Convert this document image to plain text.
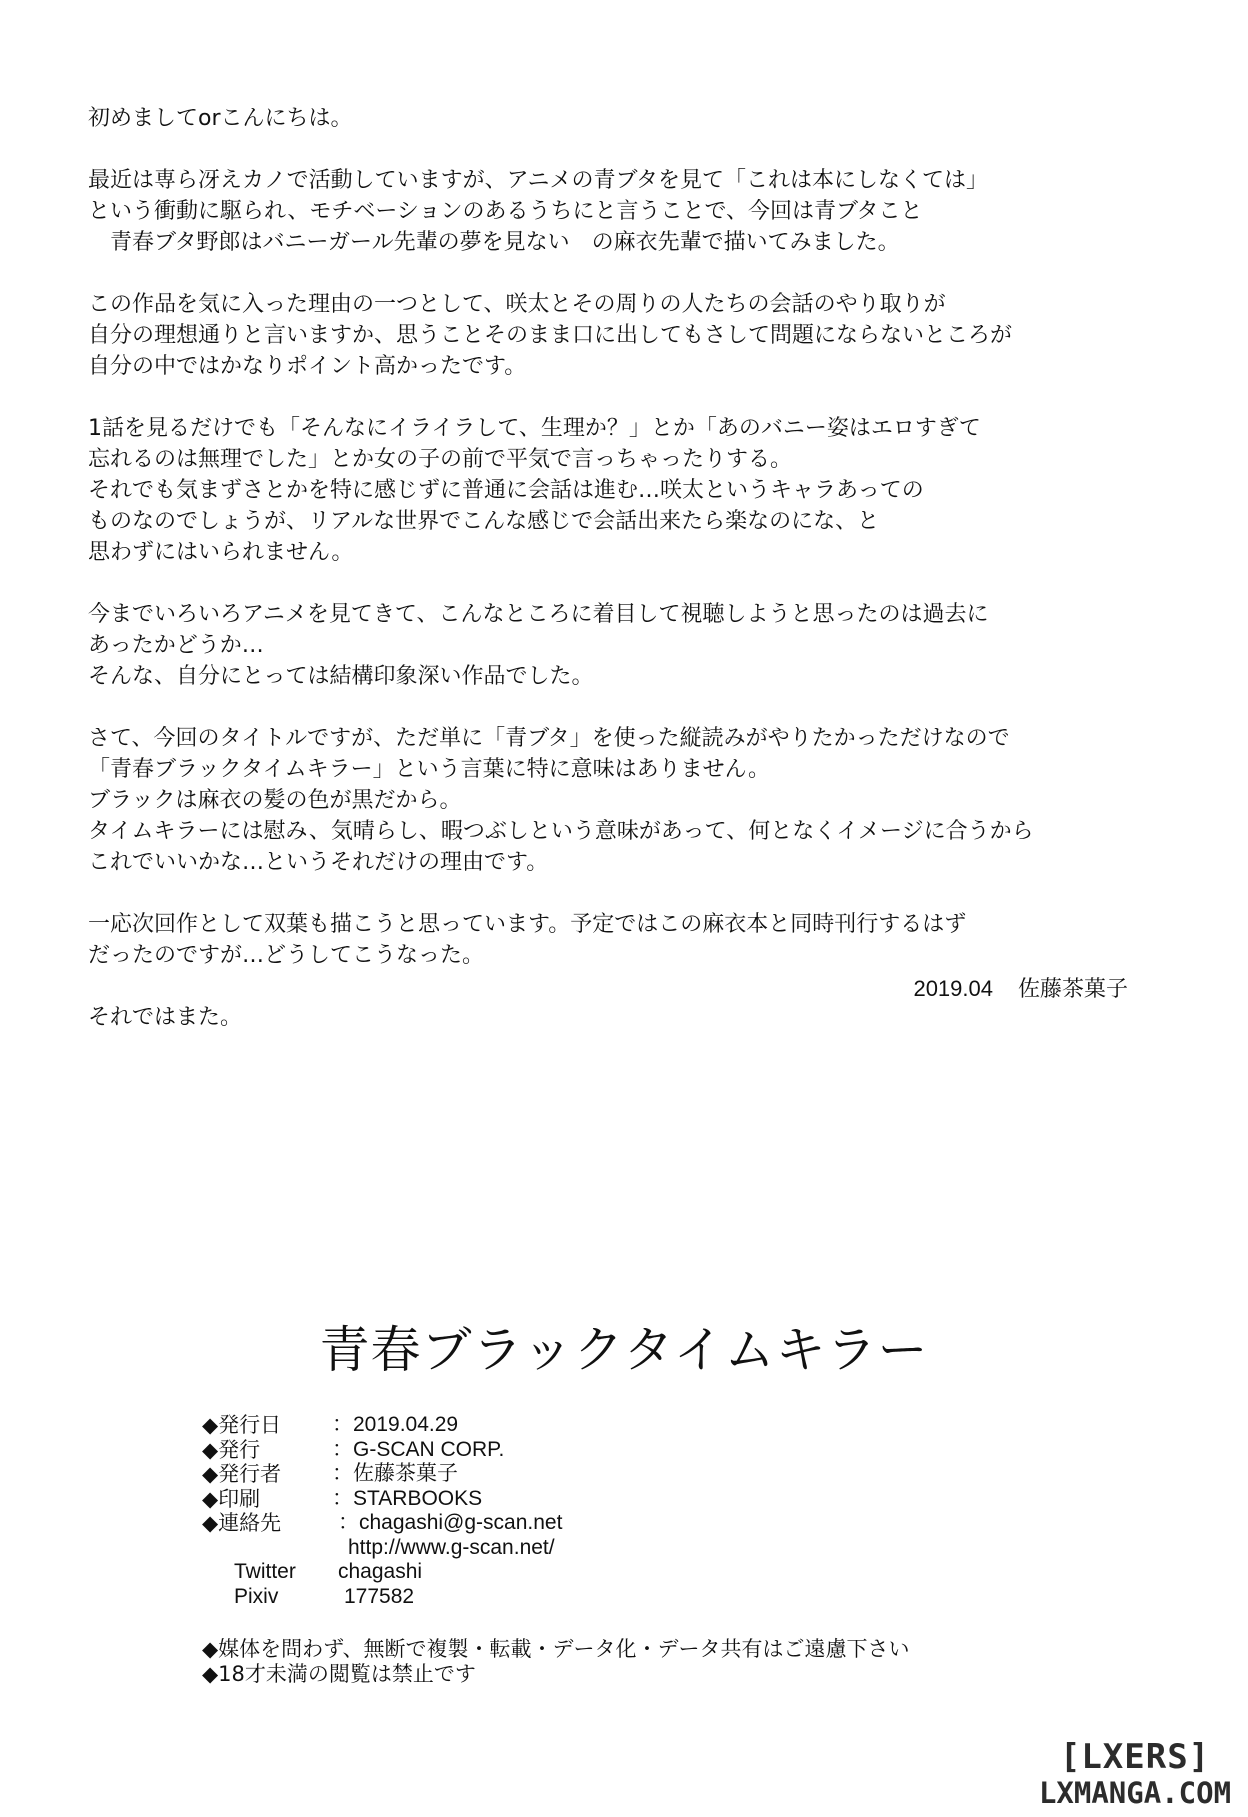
初めましてorこんにちは。
最近は専ら冴えカノで活動していますが、アニメの青ブタを見て「これは本にしなくては」
という衝動に駆られ、モチベーションのあるうちにと言うことで、今回は青ブタこと
　青春ブタ野郎はバニーガール先輩の夢を見ない　の麻衣先輩で描いてみました。
この作品を気に入った理由の一つとして、咲太とその周りの人たちの会話のやり取りが
自分の理想通りと言いますか、思うことそのまま口に出してもさして問題にならないところが
自分の中ではかなりポイント高かったです。
1話を見るだけでも「そんなにイライラして、生理か？」とか「あのバニー姿はエロすぎて
忘れるのは無理でした」とか女の子の前で平気で言っちゃったりする。
それでも気まずさとかを特に感じずに普通に会話は進む…咲太というキャラあっての
ものなのでしょうが、リアルな世界でこんな感じで会話出来たら楽なのにな、と
思わずにはいられません。
今までいろいろアニメを見てきて、こんなところに着目して視聴しようと思ったのは過去に
あったかどうか…
そんな、自分にとっては結構印象深い作品でした。
さて、今回のタイトルですが、ただ単に「青ブタ」を使った縦読みがやりたかっただけなので
「青春ブラックタイムキラー」という言葉に特に意味はありません。
ブラックは麻衣の髪の色が黒だから。
タイムキラーには慰み、気晴らし、暇つぶしという意味があって、何となくイメージに合うから
これでいいかな…というそれだけの理由です。
一応次回作として双葉も描こうと思っています。予定ではこの麻衣本と同時刊行するはず
だったのですが…どうしてこうなった。
それではまた。
2019.04 佐藤茶菓子
青春ブラックタイムキラー
◆発行日	：2019.04.29
◆発行	：G-SCAN CORP.
◆発行者	：佐藤茶菓子
◆印刷	：STARBOOKS
◆連絡先	：chagashi@g-scan.net
http://www.g-scan.net/
Twitter	chagashi
Pixiv	177582
◆媒体を問わず、無断で複製・転載・データ化・データ共有はご遠慮下さい
◆18才未満の閲覧は禁止です
[LXERS]
LXMANGA.COM
